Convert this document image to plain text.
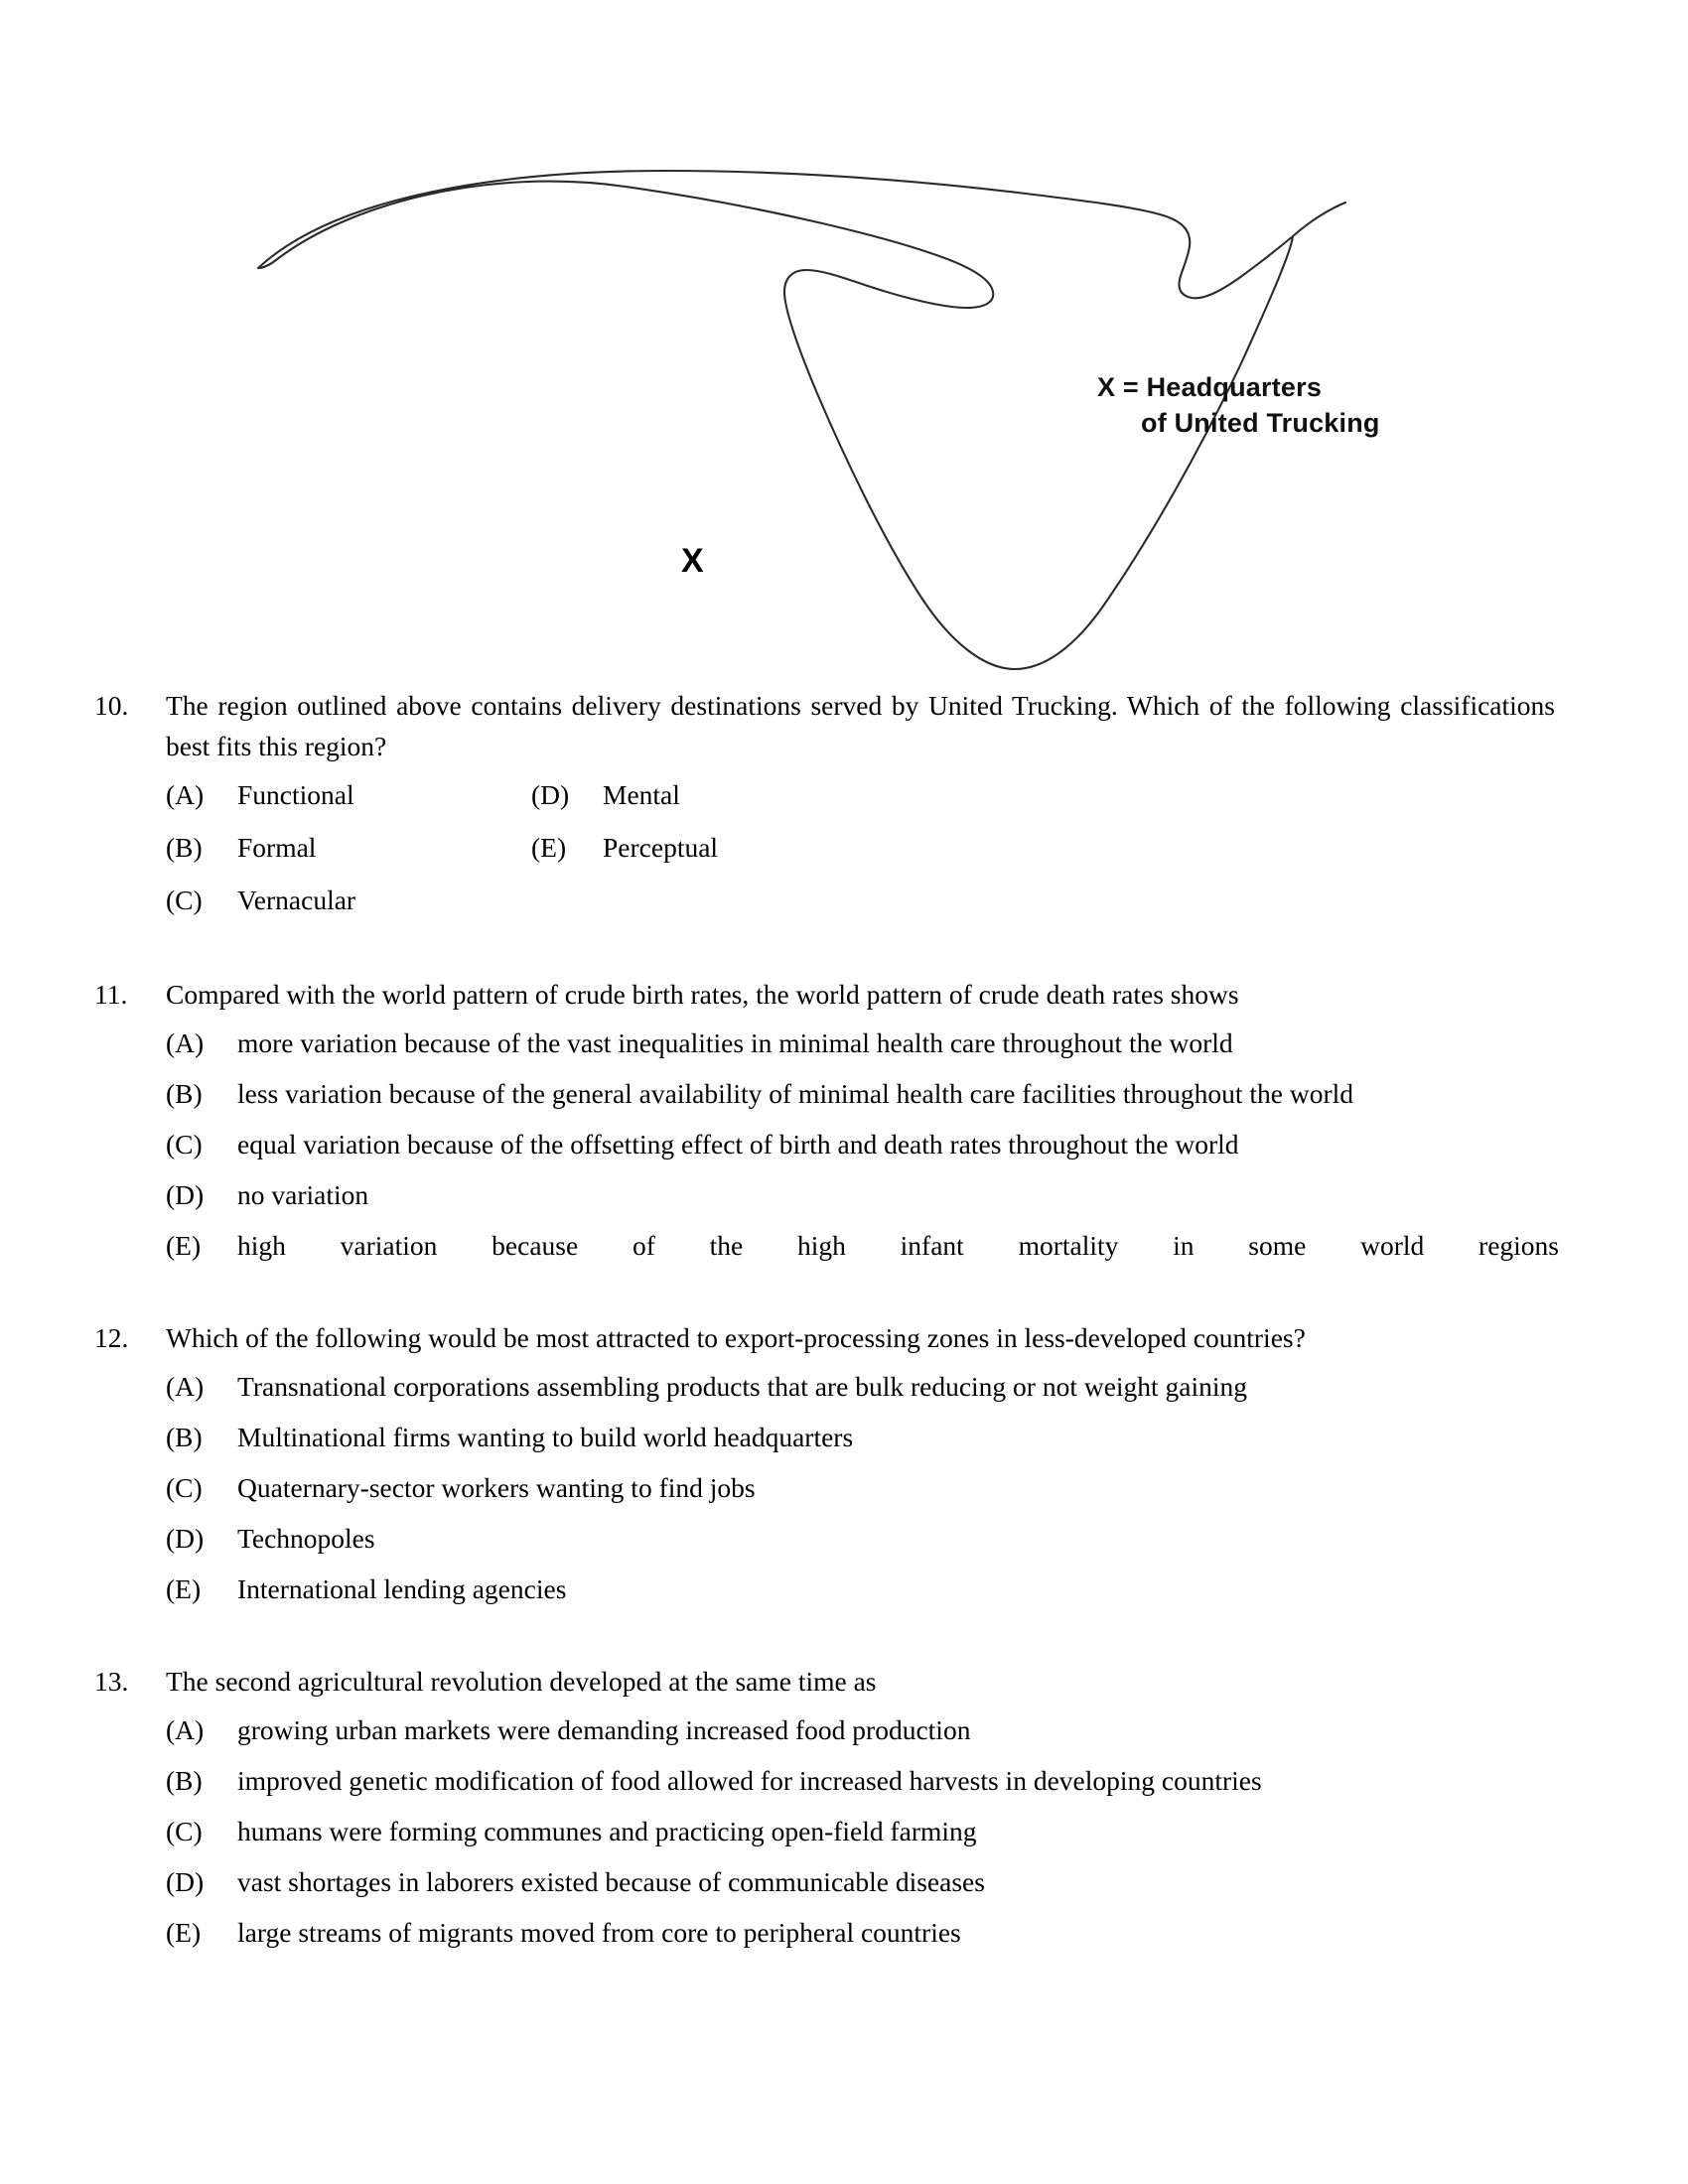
X = Headquarters
of United Trucking
X
10.	The region outlined above contains delivery destinations served by United Trucking. Which of the following classifications best fits this region?
(A)	Functional
(B)	Formal
(C)	Vernacular
(D)	Mental
(E)	Perceptual
11.	Compared with the world pattern of crude birth rates, the world pattern of crude death rates shows
(A)	more variation because of the vast inequalities in minimal health care throughout the world
(B)	less variation because of the general availability of minimal health care facilities throughout the world
(C)	equal variation because of the offsetting effect of birth and death rates throughout the world
(D)	no variation
(E)	high variation because of the high infant mortality in some world regions
12.	Which of the following would be most attracted to export-processing zones in less-developed countries?
(A)	Transnational corporations assembling products that are bulk reducing or not weight gaining
(B)	Multinational firms wanting to build world headquarters
(C)	Quaternary-sector workers wanting to find jobs
(D)	Technopoles
(E)	International lending agencies
13.	The second agricultural revolution developed at the same time as
(A)	growing urban markets were demanding increased food production
(B)	improved genetic modification of food allowed for increased harvests in developing countries
(C)	humans were forming communes and practicing open-field farming
(D)	vast shortages in laborers existed because of communicable diseases
(E)	large streams of migrants moved from core to peripheral countries
